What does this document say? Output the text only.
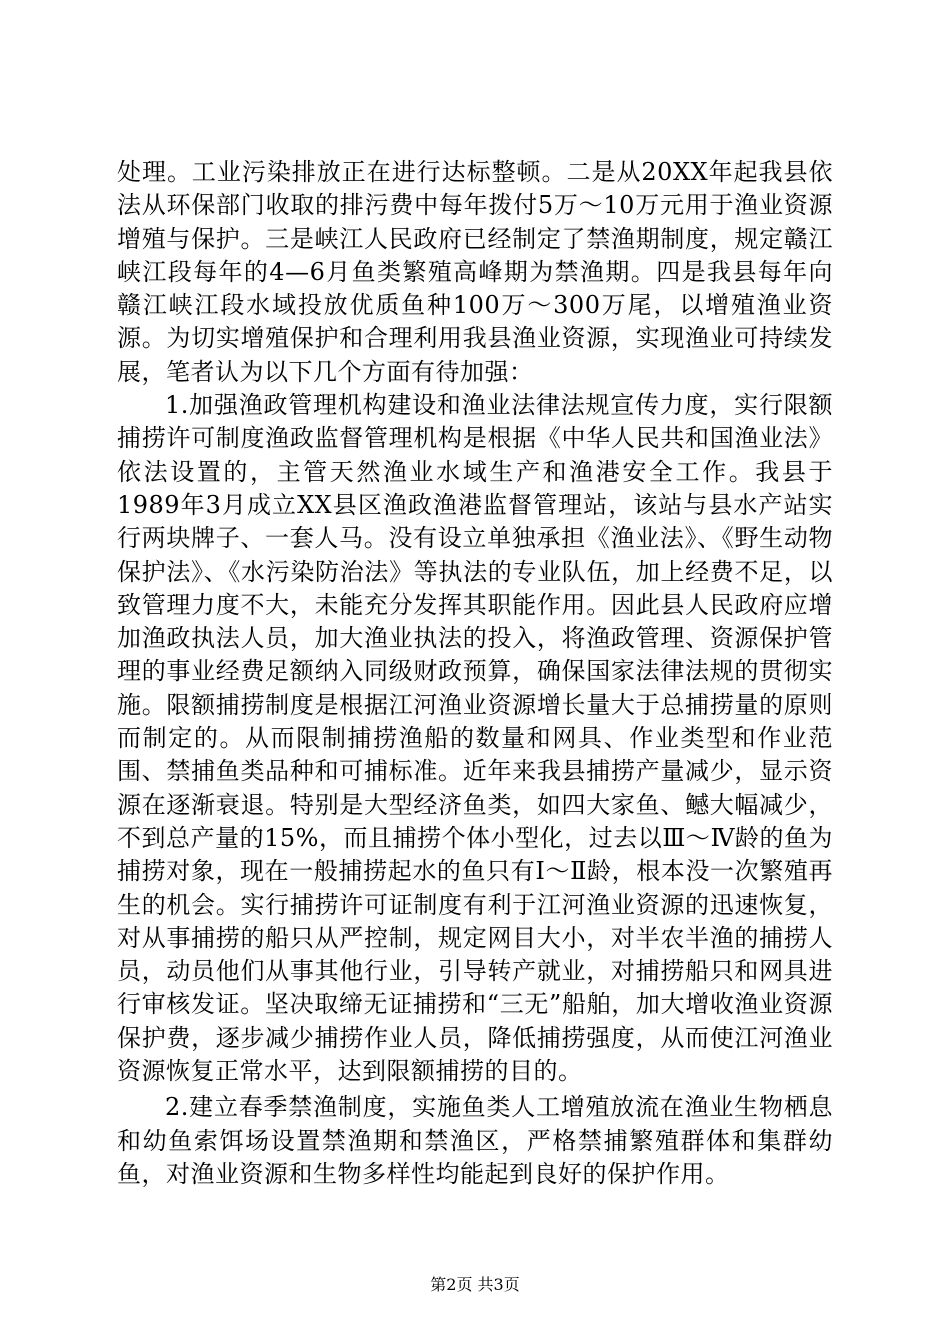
处理。工业污染排放正在进行达标整顿。二是从20XX年起我县依法从环保部门收取的排污费中每年拨付5万～10万元用于渔业资源增殖与保护。三是峡江人民政府已经制定了禁渔期制度，规定赣江峡江段每年的4—6月鱼类繁殖高峰期为禁渔期。四是我县每年向赣江峡江段水域投放优质鱼种100万～300万尾，以增殖渔业资源。为切实增殖保护和合理利用我县渔业资源，实现渔业可持续发展，笔者认为以下几个方面有待加强：

1.加强渔政管理机构建设和渔业法律法规宣传力度，实行限额捕捞许可制度渔政监督管理机构是根据《中华人民共和国渔业法》依法设置的，主管天然渔业水域生产和渔港安全工作。我县于1989年3月成立XX县区渔政渔港监督管理站，该站与县水产站实行两块牌子、一套人马。没有设立单独承担《渔业法》、《野生动物保护法》、《水污染防治法》等执法的专业队伍，加上经费不足，以致管理力度不大，未能充分发挥其职能作用。因此县人民政府应增加渔政执法人员，加大渔业执法的投入，将渔政管理、资源保护管理的事业经费足额纳入同级财政预算，确保国家法律法规的贯彻实施。限额捕捞制度是根据江河渔业资源增长量大于总捕捞量的原则而制定的。从而限制捕捞渔船的数量和网具、作业类型和作业范围、禁捕鱼类品种和可捕标准。近年来我县捕捞产量减少，显示资源在逐渐衰退。特别是大型经济鱼类，如四大家鱼、鳡大幅减少，不到总产量的15%，而且捕捞个体小型化，过去以Ⅲ～Ⅳ龄的鱼为捕捞对象，现在一般捕捞起水的鱼只有Ⅰ～Ⅱ龄，根本没一次繁殖再生的机会。实行捕捞许可证制度有利于江河渔业资源的迅速恢复，对从事捕捞的船只从严控制，规定网目大小，对半农半渔的捕捞人员，动员他们从事其他行业，引导转产就业，对捕捞船只和网具进行审核发证。坚决取缔无证捕捞和“三无”船舶，加大增收渔业资源保护费，逐步减少捕捞作业人员，降低捕捞强度，从而使江河渔业资源恢复正常水平，达到限额捕捞的目的。

2.建立春季禁渔制度，实施鱼类人工增殖放流在渔业生物栖息和幼鱼索饵场设置禁渔期和禁渔区，严格禁捕繁殖群体和集群幼鱼，对渔业资源和生物多样性均能起到良好的保护作用。

第2页 共3页
